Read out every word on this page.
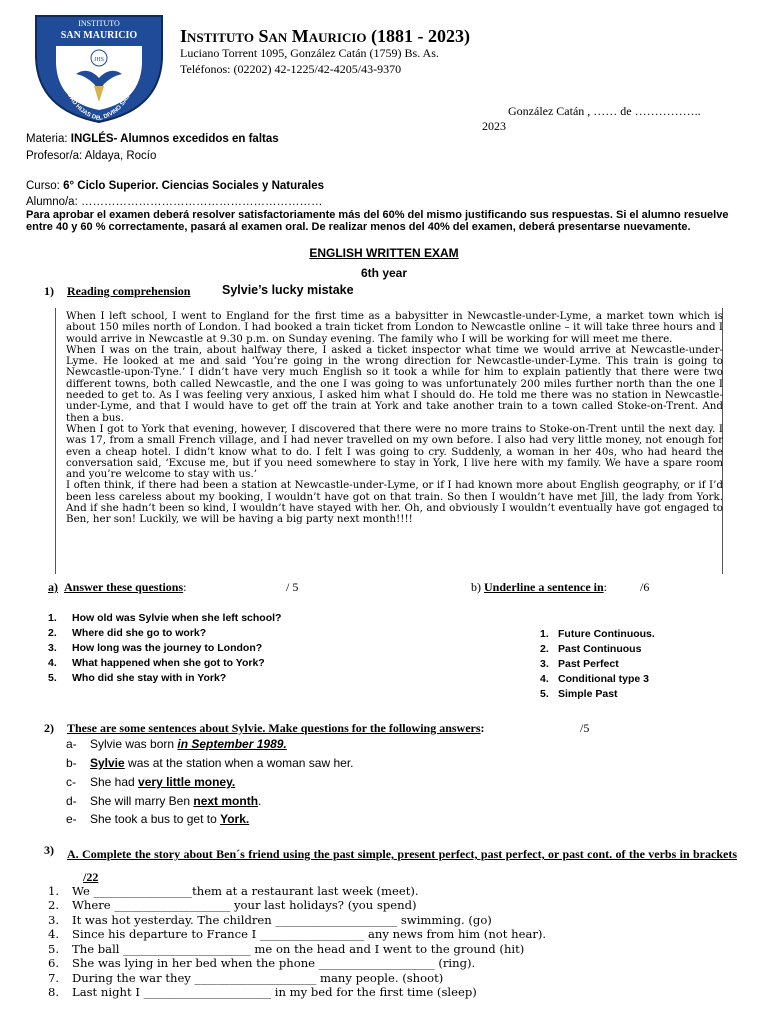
INSTITUTO
SAN MAURICIO
JHS
SOCIEDAD HIJAS DEL DIVINO SALVADOR
Instituto San Mauricio (1881 - 2023)
Luciano Torrent 1095, González Catán (1759) Bs. As.
Teléfonos: (02202) 42-1225/42-4205/43-9370
González Catán , …… de ……………..
2023
Materia: INGLÉS- Alumnos excedidos en faltas
Profesor/a: Aldaya, Rocío
Curso: 6° Ciclo Superior. Ciencias Sociales y Naturales
Alumno/a: ………………………………………………………
Para aprobar el examen deberá resolver satisfactoriamente más del 60% del mismo justificando sus respuestas. Si el alumno resuelve entre 40 y 60 % correctamente, pasará al examen oral. De realizar menos del 40% del examen, deberá presentarse nuevamente.
ENGLISH WRITTEN EXAM
6th year
1) Reading comprehension	Sylvie’s lucky mistake

When I left school, I went to England for the first time as a babysitter in Newcastle-under-Lyme, a market town which is about 150 miles north of London. I had booked a train ticket from London to Newcastle online – it will take three hours and I would arrive in Newcastle at 9.30 p.m. on Sunday evening. The family who I will be working for will meet me there.

When I was on the train, about halfway there, I asked a ticket inspector what time we would arrive at Newcastle-under-Lyme. He looked at me and said ‘You’re going in the wrong direction for Newcastle-under-Lyme. This train is going to Newcastle-upon-Tyne.’ I didn’t have very much English so it took a while for him to explain patiently that there were two different towns, both called Newcastle, and the one I was going to was unfortunately 200 miles further north than the one I needed to get to. As I was feeling very anxious, I asked him what I should do. He told me there was no station in Newcastle-under-Lyme, and that I would have to get off the train at York and take another train to a town called Stoke-on-Trent. And then a bus.

When I got to York that evening, however, I discovered that there were no more trains to Stoke-on-Trent until the next day. I was 17, from a small French village, and I had never travelled on my own before. I also had very little money, not enough for even a cheap hotel. I didn’t know what to do. I felt I was going to cry. Suddenly, a woman in her 40s, who had heard the conversation said, ‘Excuse me, but if you need somewhere to stay in York, I live here with my family. We have a spare room and you’re welcome to stay with us.’

I often think, if there had been a station at Newcastle-under-Lyme, or if I had known more about English geography, or if I’d been less careless about my booking, I wouldn’t have got on that train. So then I wouldn’t have met Jill, the lady from York. And if she hadn’t been so kind, I wouldn’t have stayed with her. Oh, and obviously I wouldn’t eventually have got engaged to Ben, her son! Luckily, we will be having a big party next month!!!!

a) Answer these questions:	/ 5	b) Underline a sentence in:	/6
1. How old was Sylvie when she left school?
2. Where did she go to work?
3. How long was the journey to London?
4. What happened when she got to York?
5. Who did she stay with in York?
1. Future Continuous.
2. Past Continuous
3. Past Perfect
4. Conditional type 3
5. Simple Past
2) These are some sentences about Sylvie. Make questions for the following answers:	/5
a- Sylvie was born in September 1989.
b- Sylvie was at the station when a woman saw her.
c- She had very little money.
d- She will marry Ben next month.
e- She took a bus to get to York.
3) A. Complete the story about Ben´s friend using the past simple, present perfect, past perfect, or past cont. of the verbs in brackets/22
1. We _________________them at a restaurant last week (meet).
2. Where ____________________ your last holidays? (you spend)
3. It was hot yesterday. The children _____________________ swimming. (go)
4. Since his departure to France I __________________ any news from him (not hear).
5. The ball ______________________ me on the head and I went to the ground (hit)
6. She was lying in her bed when the phone ____________________ (ring).
7. During the war they _____________________ many people. (shoot)
8. Last night I ______________________ in my bed for the first time (sleep)
